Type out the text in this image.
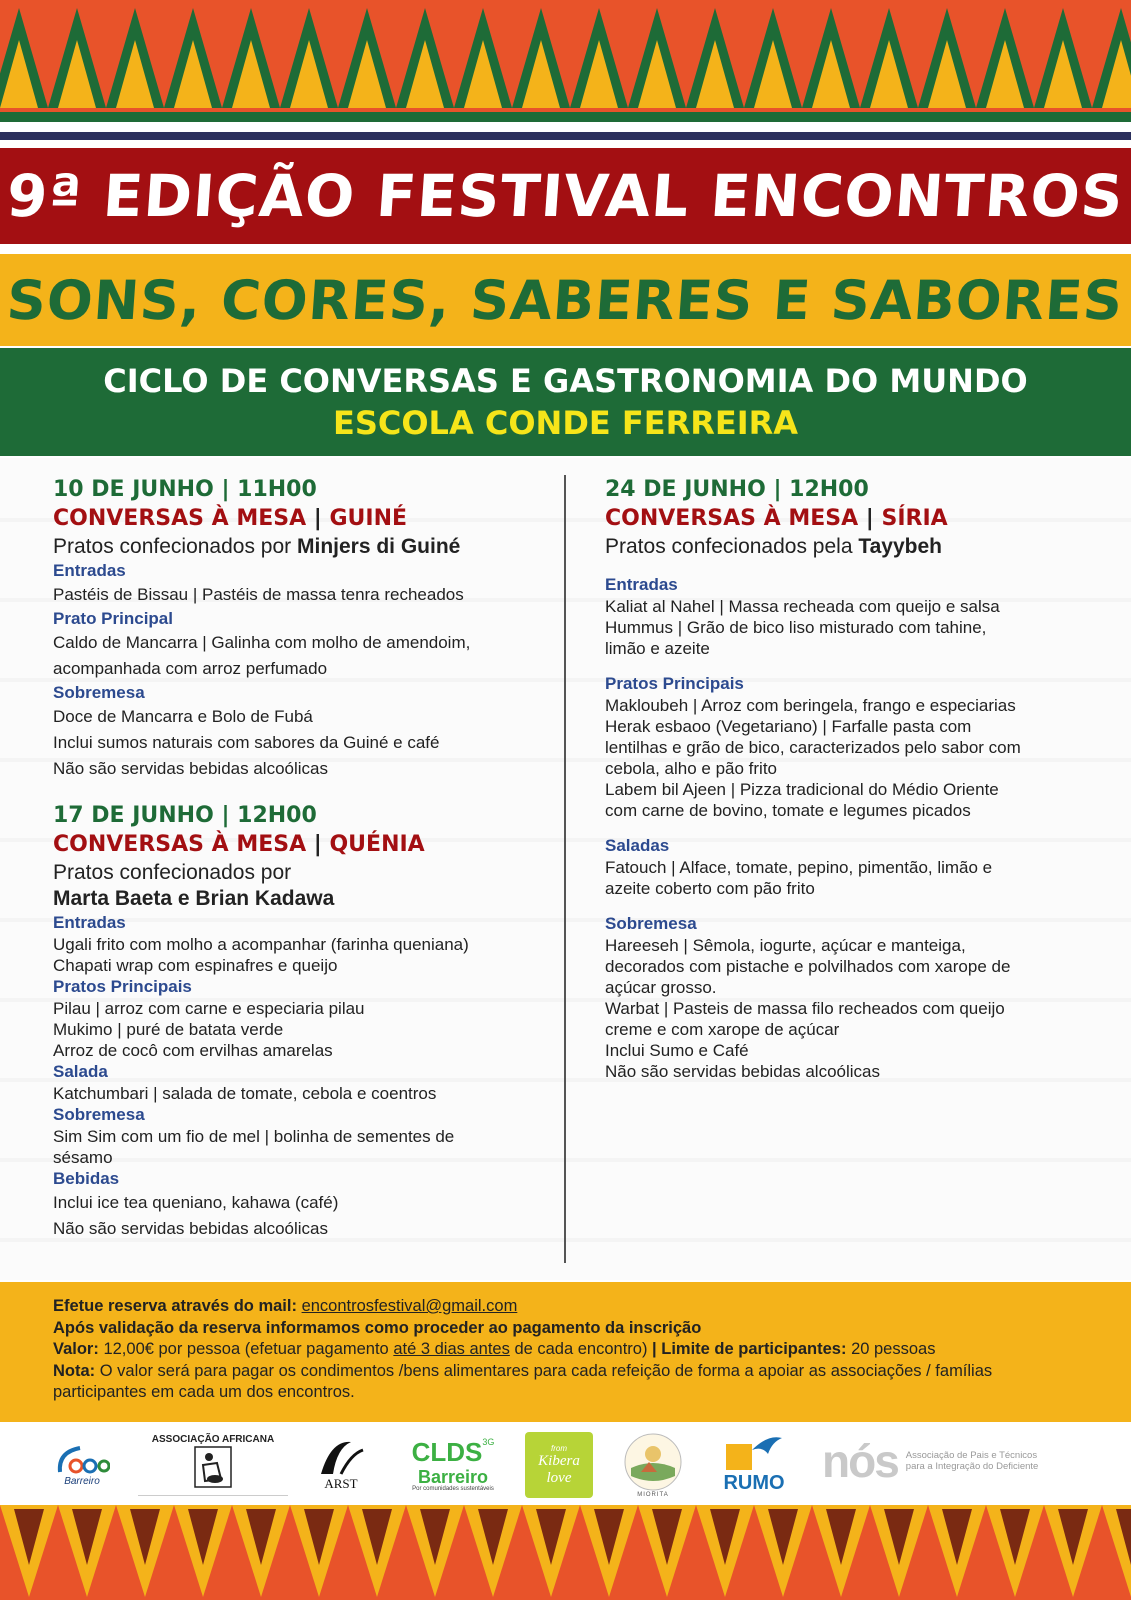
9ª EDIÇÃO FESTIVAL ENCONTROS
SONS, CORES, SABERES E SABORES
CICLO DE CONVERSAS E GASTRONOMIA DO MUNDO
ESCOLA CONDE FERREIRA
10 DE JUNHO | 11H00
CONVERSAS À MESA | GUINÉ
Pratos confecionados por Minjers di Guiné
Entradas
Pastéis de Bissau | Pastéis de massa tenra recheados
Prato Principal
Caldo de Mancarra | Galinha com molho de amendoim,
acompanhada com arroz perfumado
Sobremesa
Doce de Mancarra e Bolo de Fubá
Inclui sumos naturais com sabores da Guiné e café
Não são servidas bebidas alcoólicas
17 DE JUNHO | 12H00
CONVERSAS À MESA | QUÉNIA
Pratos confecionados por
Marta Baeta e Brian Kadawa
Entradas
Ugali frito com molho a acompanhar (farinha queniana)
Chapati wrap com espinafres e queijo
Pratos Principais
Pilau | arroz com carne e especiaria pilau
Mukimo | puré de batata verde
Arroz de cocô com ervilhas amarelas
Salada
Katchumbari | salada de tomate, cebola e coentros
Sobremesa
Sim Sim com um fio de mel | bolinha de sementes de
sésamo
Bebidas
Inclui ice tea queniano, kahawa (café)
Não são servidas bebidas alcoólicas
24 DE JUNHO | 12H00
CONVERSAS À MESA | SÍRIA
Pratos confecionados pela Tayybeh
Entradas
Kaliat al Nahel | Massa recheada com queijo e salsa
Hummus | Grão de bico liso misturado com tahine,
limão e azeite
Pratos Principais
Makloubeh | Arroz com beringela, frango e especiarias
Herak esbaoo (Vegetariano) | Farfalle pasta com
lentilhas e grão de bico, caracterizados pelo sabor com
cebola, alho e pão frito
Labem bil Ajeen | Pizza tradicional do Médio Oriente
com carne de bovino, tomate e legumes picados
Saladas
Fatouch | Alface, tomate, pepino, pimentão, limão e
azeite coberto com pão frito
Sobremesa
Hareeseh | Sêmola, iogurte, açúcar e manteiga,
decorados com pistache e polvilhados com xarope de
açúcar grosso.
Warbat | Pasteis de massa filo recheados com queijo
creme e com xarope de açúcar
Inclui Sumo e Café
Não são servidas bebidas alcoólicas
Efetue reserva através do mail: encontrosfestival@gmail.com
Após validação da reserva informamos como proceder ao pagamento da inscrição
Valor: 12,00€ por pessoa (efetuar pagamento até 3 dias antes de cada encontro) | Limite de participantes: 20 pessoas
Nota: O valor será para pagar os condimentos /bens alimentares para cada refeição de forma a apoiar as associações / famílias participantes em cada um dos encontros.
Barreiro
ASSOCIAÇÃO AFRICANA
ARST
CLDS 3G
Barreiro
Por comunidades sustentáveis
from
Kibera
love
MIORITA
RUMO nós Associação de Pais e Técnicos
para a Integração do Deficiente
